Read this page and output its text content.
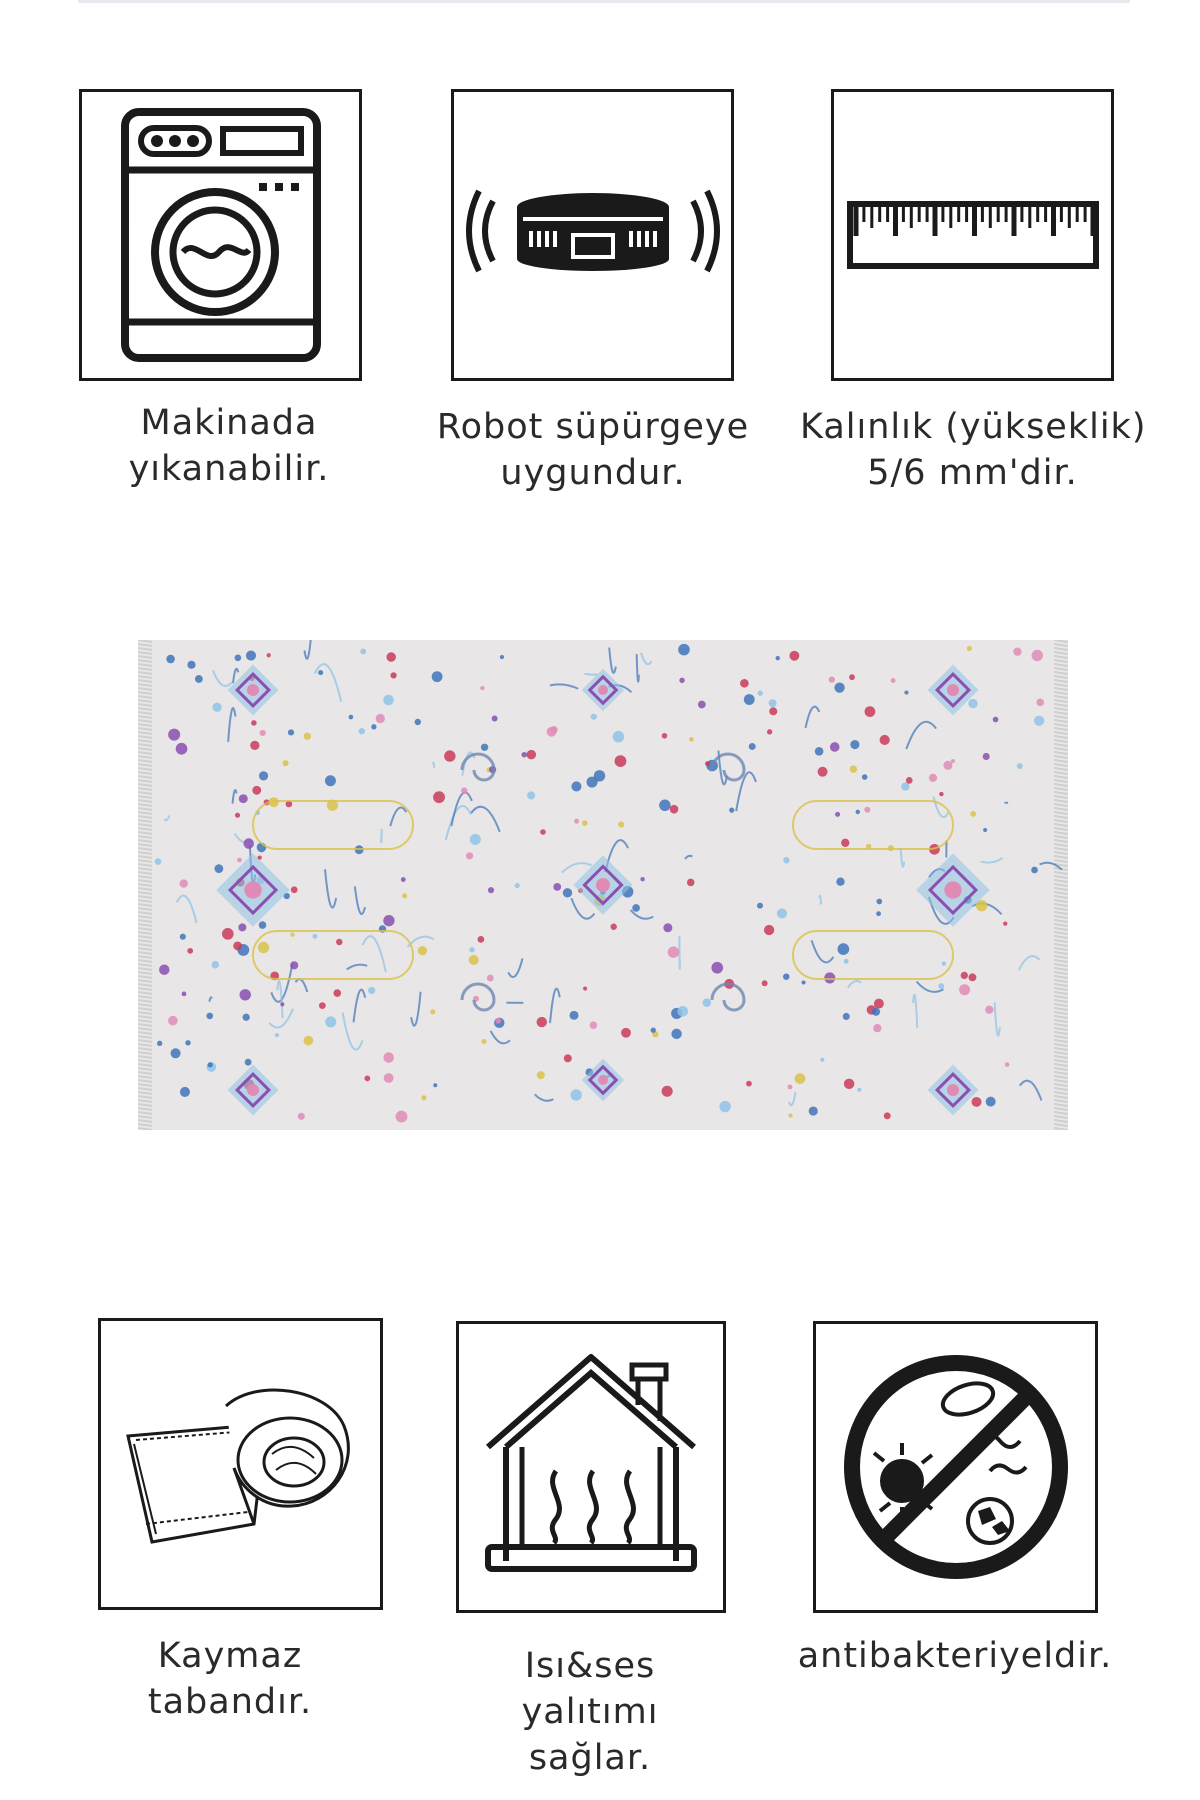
Makinada
yıkanabilir.
Robot süpürgeye
uygundur.
Kalınlık (yükseklik)
5/6 mm'dir.
Kaymaz
tabandır.
Isı&ses
yalıtımı
sağlar.
antibakteriyeldir.
